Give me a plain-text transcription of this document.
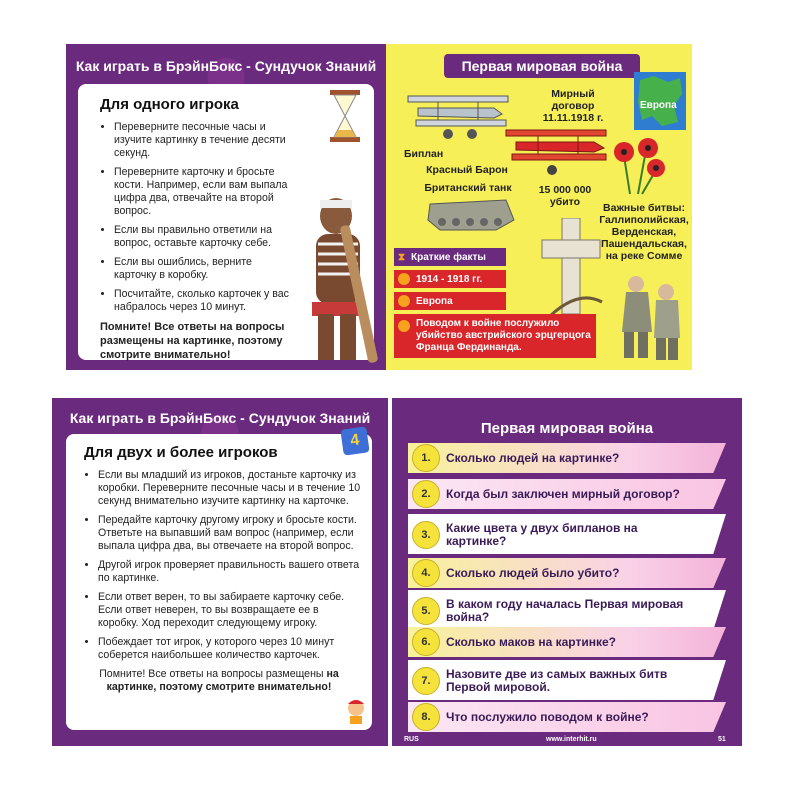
Как играть в БрэйнБокс - Сундучок Знаний
Для одного игрока
• Переверните песочные часы и изучите картинку в течение десяти секунд.
• Переверните карточку и бросьте кости. Например, если вам выпала цифра два, отвечайте на второй вопрос.
• Если вы правильно ответили на вопрос, оставьте карточку себе.
• Если вы ошиблись, верните карточку в коробку.
• Посчитайте, сколько карточек у вас набралось через 10 минут.
Помните! Все ответы на вопросы размещены на картинке, поэтому смотрите внимательно!
Первая мировая война
Европа
Мирный договор 11.11.1918 г.
Биплан
Красный Барон
Британский танк	15 000 000 убито	Важные битвы: Галлиполийская, Верденская, Пашендальская, на реке Сомме
⧗ Краткие факты
1914 - 1918 гг.
Европа
Поводом к войне послужило убийство австрийского эрцгерцога Франца Фердинанда.
Как играть в БрэйнБокс - Сундучок Знаний
Для двух и более игроков
• Если вы младший из игроков, достаньте карточку из коробки. Переверните песочные часы и в течение 10 секунд внимательно изучите картинку на карточке.
• Передайте карточку другому игроку и бросьте кости. Ответьте на выпавший вам вопрос (например, если выпала цифра два, вы отвечаете на второй вопрос.
• Другой игрок проверяет правильность вашего ответа по картинке.
• Если ответ верен, то вы забираете карточку себе. Если ответ неверен, то вы возвращаете ее в коробку. Ход переходит следующему игроку.
• Побеждает тот игрок, у которого через 10 минут соберется наибольшее количество карточек.
Помните! Все ответы на вопросы размещены на картинке, поэтому смотрите внимательно!
4
Первая мировая война
1.	Сколько людей на картинке?
2.	Когда был заключен мирный договор?
3.	Какие цвета у двух бипланов на картинке?
4.	Сколько людей было убито?
5.	В каком году началась Первая мировая война?
6.	Сколько маков на картинке?
7.	Назовите две из самых важных битв Первой мировой.
8.	Что послужило поводом к войне?
RUS	www.interhit.ru	51
